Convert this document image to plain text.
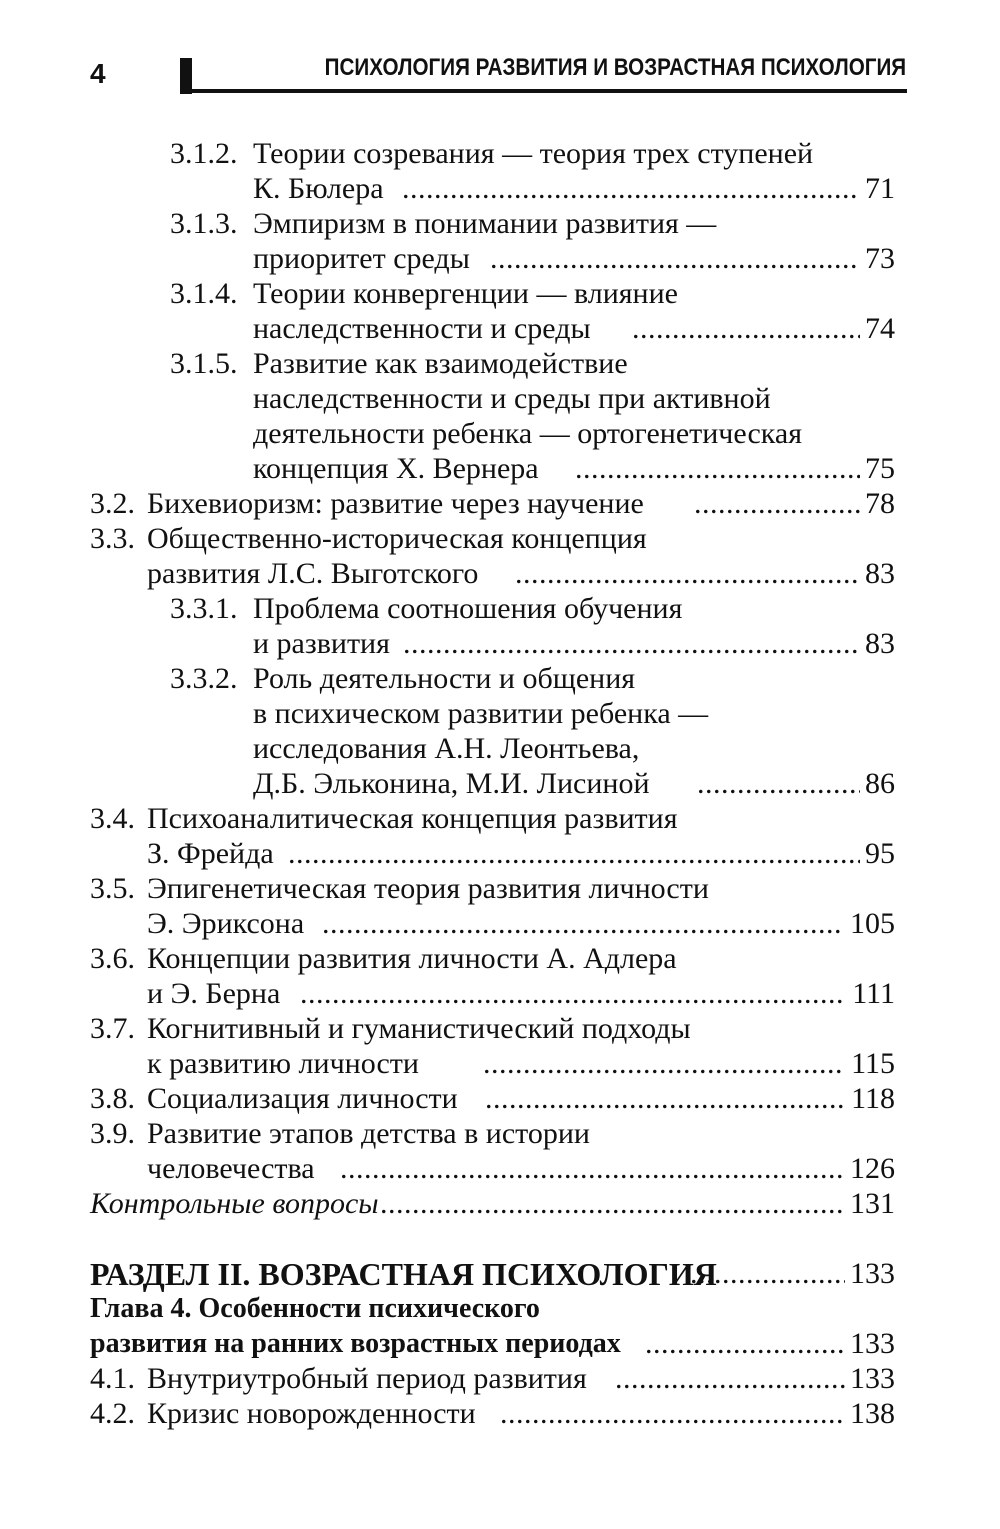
4	ПСИХОЛОГИЯ РАЗВИТИЯ И ВОЗРАСТНАЯ ПСИХОЛОГИЯ
3.1.2. Теории созревания — теория трех ступеней
К. Бюлера .....	71
3.1.3. Эмпиризм в понимании развития —
приоритет среды .....	73
3.1.4. Теории конвергенции — влияние
наследственности и среды .....	74
3.1.5. Развитие как взаимодействие
наследственности и среды при активной
деятельности ребенка — ортогенетическая
концепция Х. Вернера .....	75
3.2. Бихевиоризм: развитие через научение .....	78
3.3. Общественно-историческая концепция
развития Л.С. Выготского .....	83
3.3.1. Проблема соотношения обучения
и развития .....	83
3.3.2. Роль деятельности и общения
в психическом развитии ребенка —
исследования А.Н. Леонтьева,
Д.Б. Эльконина, М.И. Лисиной .....	86
3.4. Психоаналитическая концепция развития
З. Фрейда .....	95
3.5. Эпигенетическая теория развития личности
Э. Эриксона .....	105
3.6. Концепции развития личности А. Адлера
и Э. Берна .....	111
3.7. Когнитивный и гуманистический подходы
к развитию личности .....	115
3.8. Социализация личности .....	118
3.9. Развитие этапов детства в истории
человечества .....	126
Контрольные вопросы .....	131
РАЗДЕЛ II. ВОЗРАСТНАЯ ПСИХОЛОГИЯ .....	133
Глава 4. Особенности психического
развития на ранних возрастных периодах .....	133
4.1. Внутриутробный период развития .....	133
4.2. Кризис новорожденности .....	138
